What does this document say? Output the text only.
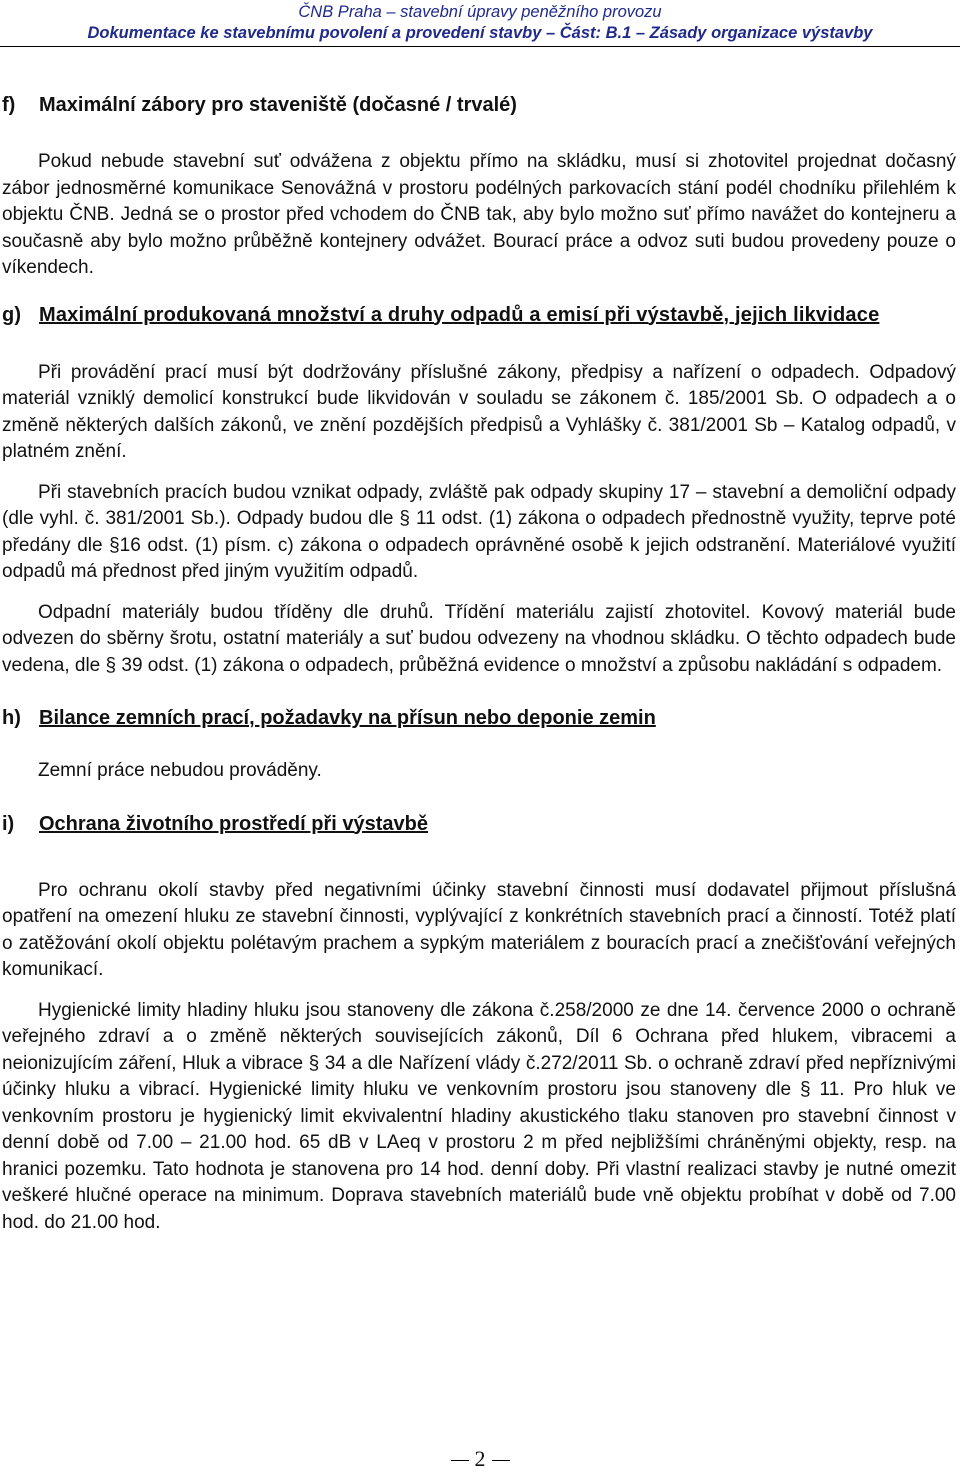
ČNB Praha – stavební úpravy peněžního provozu
Dokumentace ke stavebnímu povolení a provedení stavby – Část: B.1 – Zásady organizace výstavby
f) Maximální zábory pro staveniště (dočasné / trvalé)

Pokud nebude stavební suť odvážena z objektu přímo na skládku, musí si zhotovitel projednat dočasný zábor jednosměrné komunikace Senovážná v prostoru podélných parkovacích stání podél chodníku přilehlém k objektu ČNB. Jedná se o prostor před vchodem do ČNB tak, aby bylo možno suť přímo navážet do kontejneru a současně aby bylo možno průběžně kontejnery odvážet. Bourací práce a odvoz suti budou provedeny pouze o víkendech.

g) Maximální produkovaná množství a druhy odpadů a emisí při výstavbě, jejich likvidace

Při provádění prací musí být dodržovány příslušné zákony, předpisy a nařízení o odpadech. Odpadový materiál vzniklý demolicí konstrukcí bude likvidován v souladu se zákonem č. 185/2001 Sb. O odpadech a o změně některých dalších zákonů, ve znění pozdějších předpisů a Vyhlášky č. 381/2001 Sb – Katalog odpadů, v platném znění.

Při stavebních pracích budou vznikat odpady, zvláště pak odpady skupiny 17 – stavební a demoliční odpady (dle vyhl. č. 381/2001 Sb.). Odpady budou dle § 11 odst. (1) zákona o odpadech přednostně využity, teprve poté předány dle §16 odst. (1) písm. c) zákona o odpadech oprávněné osobě k jejich odstranění. Materiálové využití odpadů má přednost před jiným využitím odpadů.

Odpadní materiály budou tříděny dle druhů. Třídění materiálu zajistí zhotovitel. Kovový materiál bude odvezen do sběrny šrotu, ostatní materiály a suť budou odvezeny na vhodnou skládku. O těchto odpadech bude vedena, dle § 39 odst. (1) zákona o odpadech, průběžná evidence o množství a způsobu nakládání s odpadem.

h) Bilance zemních prací, požadavky na přísun nebo deponie zemin

Zemní práce nebudou prováděny.

i) Ochrana životního prostředí při výstavbě

Pro ochranu okolí stavby před negativními účinky stavební činnosti musí dodavatel přijmout příslušná opatření na omezení hluku ze stavební činnosti, vyplývající z konkrétních stavebních prací a činností. Totéž platí o zatěžování okolí objektu polétavým prachem a sypkým materiálem z bouracích prací a znečišťování veřejných komunikací.

Hygienické limity hladiny hluku jsou stanoveny dle zákona č.258/2000 ze dne 14. července 2000 o ochraně veřejného zdraví a o změně některých souvisejících zákonů, Díl 6 Ochrana před hlukem, vibracemi a neionizujícím záření, Hluk a vibrace § 34 a dle Nařízení vlády č.272/2011 Sb. o ochraně zdraví před nepříznivými účinky hluku a vibrací. Hygienické limity hluku ve venkovním prostoru jsou stanoveny dle § 11. Pro hluk ve venkovním prostoru je hygienický limit ekvivalentní hladiny akustického tlaku stanoven pro stavební činnost v denní době od 7.00 – 21.00 hod. 65 dB v LAeq v prostoru 2 m před nejbližšími chráněnými objekty, resp. na hranici pozemku. Tato hodnota je stanovena pro 14 hod. denní doby. Při vlastní realizaci stavby je nutné omezit veškeré hlučné operace na minimum. Doprava stavebních materiálů bude vně objektu probíhat v době od 7.00 hod. do 21.00 hod.

2
